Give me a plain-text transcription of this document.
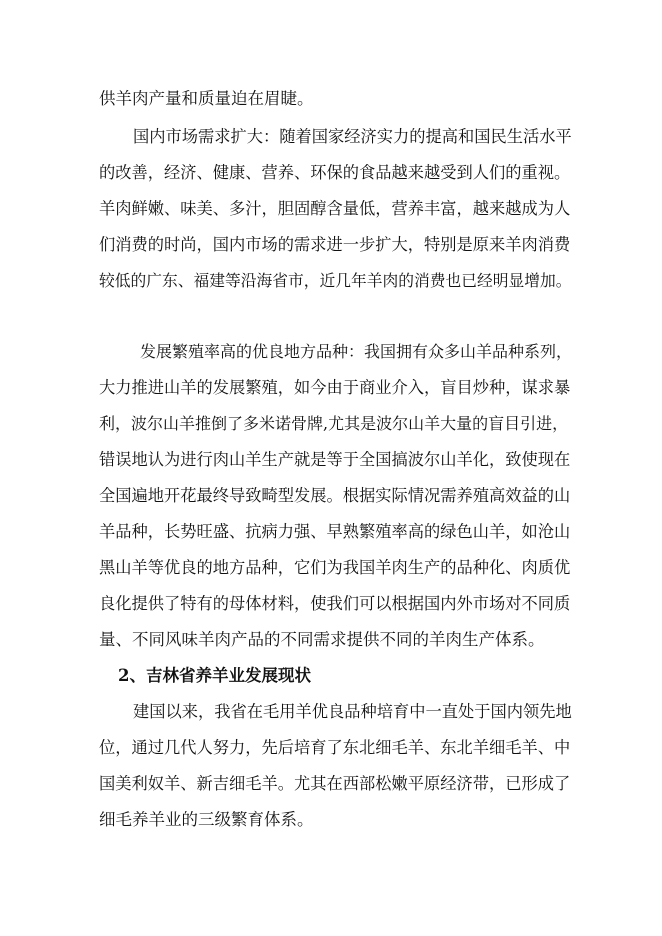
供羊肉产量和质量迫在眉睫。
国内市场需求扩大：随着国家经济实力的提高和国民生活水平
的改善，经济、健康、营养、环保的食品越来越受到人们的重视。
羊肉鲜嫩、味美、多汁，胆固醇含量低，营养丰富，越来越成为人
们消费的时尚，国内市场的需求进一步扩大，特别是原来羊肉消费
较低的广东、福建等沿海省市，近几年羊肉的消费也已经明显增加。
发展繁殖率高的优良地方品种：我国拥有众多山羊品种系列，
大力推进山羊的发展繁殖，如今由于商业介入，盲目炒种，谋求暴
利，波尔山羊推倒了多米诺骨牌,尤其是波尔山羊大量的盲目引进，
错误地认为进行肉山羊生产就是等于全国搞波尔山羊化，致使现在
全国遍地开花最终导致畸型发展。根据实际情况需养殖高效益的山
羊品种，长势旺盛、抗病力强、早熟繁殖率高的绿色山羊，如沧山
黑山羊等优良的地方品种，它们为我国羊肉生产的品种化、肉质优
良化提供了特有的母体材料，使我们可以根据国内外市场对不同质
量、不同风味羊肉产品的不同需求提供不同的羊肉生产体系。
2、吉林省养羊业发展现状
建国以来，我省在毛用羊优良品种培育中一直处于国内领先地
位，通过几代人努力，先后培育了东北细毛羊、东北羊细毛羊、中
国美利奴羊、新吉细毛羊。尤其在西部松嫩平原经济带，已形成了
细毛养羊业的三级繁育体系。
